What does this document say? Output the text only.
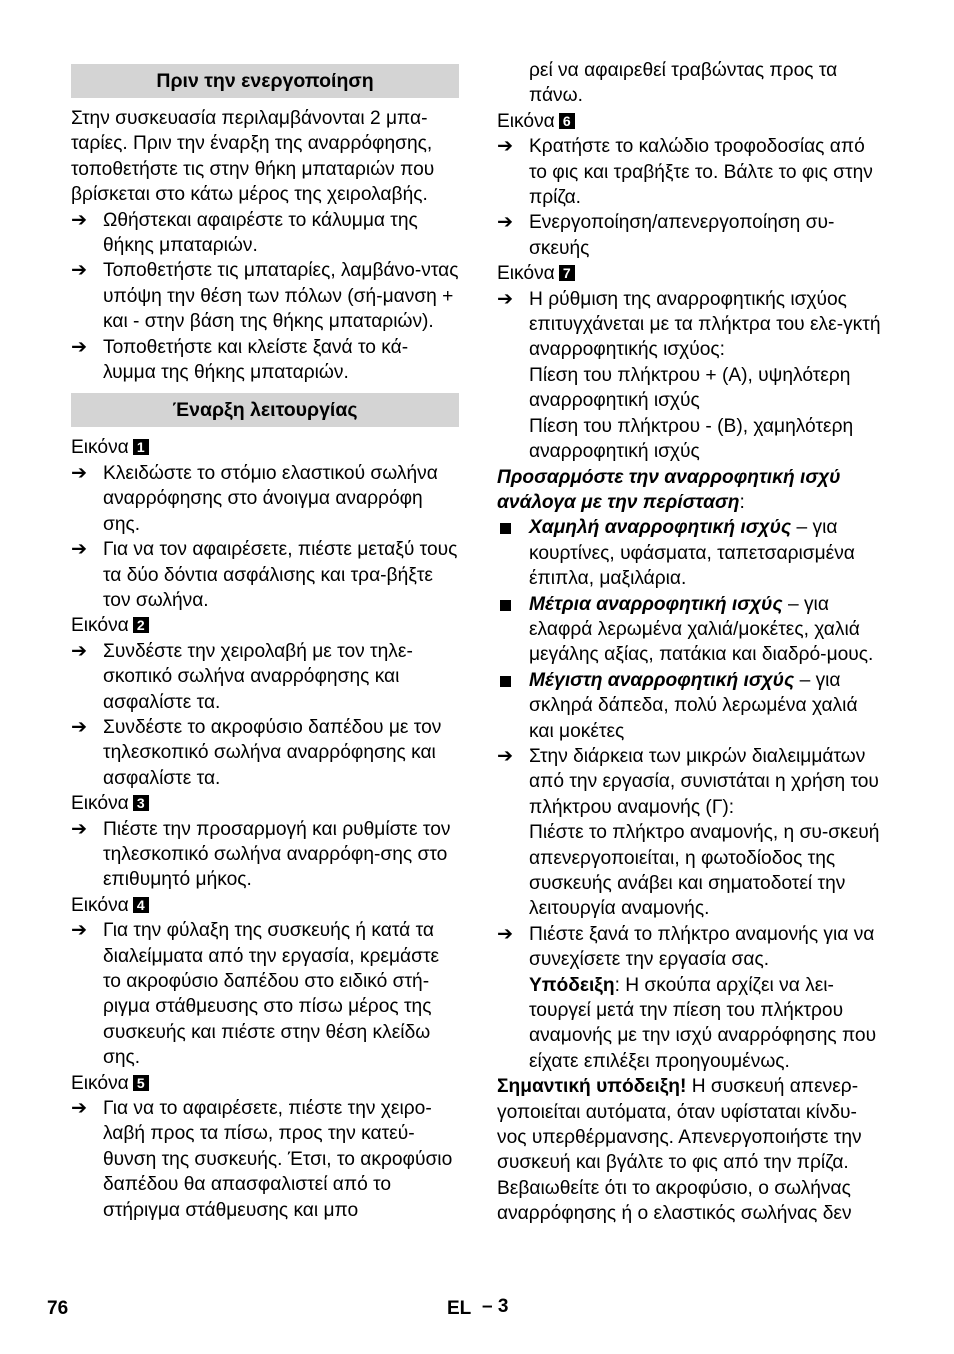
Πριν την ενεργοποίηση

Στην συσκευασία περιλαμβάνονται 2 μπα-ταρίες. Πριν την έναρξη της αναρρόφησης, τοποθετήστε τις στην θήκη μπαταριών που βρίσκεται στο κάτω μέρος της χειρολαβής.

➔ Ωθήστεκαι αφαιρέστε το κάλυμμα της θήκης μπαταριών.

➔ Τοποθετήστε τις μπαταρίες, λαμβάνο-ντας υπόψη την θέση των πόλων (σή-μανση + και - στην βάση της θήκης μπαταριών).

➔ Τοποθετήστε και κλείστε ξανά το κά-λυμμα της θήκης μπαταριών.

Έναρξη λειτουργίας

Εικόνα 1

➔ Κλειδώστε το στόμιο ελαστικού σωλήνα αναρρόφησης στο άνοιγμα αναρρόφη σης.

➔ Για να τον αφαιρέσετε, πιέστε μεταξύ τους τα δύο δόντια ασφάλισης και τρα-βήξτε τον σωλήνα.

Εικόνα 2

➔ Συνδέστε την χειρολαβή με τον τηλε-σκοπικό σωλήνα αναρρόφησης και ασφαλίστε τα.

➔ Συνδέστε το ακροφύσιο δαπέδου με τον τηλεσκοπικό σωλήνα αναρρόφησης και ασφαλίστε τα.

Εικόνα 3

➔ Πιέστε την προσαρμογή και ρυθμίστε τον τηλεσκοπικό σωλήνα αναρρόφη-σης στο επιθυμητό μήκος.

Εικόνα 4

➔ Για την φύλαξη της συσκευής ή κατά τα διαλείμματα από την εργασία, κρεμάστε το ακροφύσιο δαπέδου στο ειδικό στή-ριγμα στάθμευσης στο πίσω μέρος της συσκευής και πιέστε στην θέση κλείδω σης.

Εικόνα 5

➔ Για να το αφαιρέσετε, πιέστε την χειρο-λαβή προς τα πίσω, προς την κατεύ-θυνση της συσκευής. Έτσι, το ακροφύσιο δαπέδου θα απασφαλιστεί από το στήριγμα στάθμευσης και μπο

ρεί να αφαιρεθεί τραβώντας προς τα πάνω.

Εικόνα 6

➔ Κρατήστε το καλώδιο τροφοδοσίας από το φις και τραβήξτε το. Βάλτε το φις στην πρίζα.

➔ Ενεργοποίηση/απενεργοποίηση συ-σκευής

Εικόνα 7

➔ Η ρύθμιση της αναρροφητικής ισχύος επιτυγχάνεται με τα πλήκτρα του ελε-γκτή αναρροφητικής ισχύος:

Πίεση του πλήκτρου + (A), υψηλότερη αναρροφητική ισχύς

Πίεση του πλήκτρου - (B), χαμηλότερη αναρροφητική ισχύς

Προσαρμόστε την αναρροφητική ισχύ ανάλογα με την περίσταση:

Χαμηλή αναρροφητική ισχύς – για κουρτίνες, υφάσματα, ταπετσαρισμένα έπιπλα, μαξιλάρια.

Μέτρια αναρροφητική ισχύς – για ελαφρά λερωμένα χαλιά/μοκέτες, χαλιά μεγάλης αξίας, πατάκια και διαδρό-μους.

Μέγιστη αναρροφητική ισχύς – για σκληρά δάπεδα, πολύ λερωμένα χαλιά και μοκέτες

➔ Στην διάρκεια των μικρών διαλειμμάτων από την εργασία, συνιστάται η χρήση του πλήκτρου αναμονής (Γ):

Πιέστε το πλήκτρο αναμονής, η συ-σκευή απενεργοποιείται, η φωτοδίοδος της συσκευής ανάβει και σηματοδοτεί την λειτουργία αναμονής.

➔ Πιέστε ξανά το πλήκτρο αναμονής για να συνεχίσετε την εργασία σας.

Υπόδειξη: Η σκούπα αρχίζει να λει-τουργεί μετά την πίεση του πλήκτρου αναμονής με την ισχύ αναρρόφησης που είχατε επιλέξει προηγουμένως.

Σημαντική υπόδειξη! Η συσκευή απενερ-γοποιείται αυτόματα, όταν υφίσταται κίνδυ-νος υπερθέρμανσης. Απενεργοποιήστε την συσκευή και βγάλτε το φις από την πρίζα. Βεβαιωθείτε ότι το ακροφύσιο, ο σωλήνας αναρρόφησης ή ο ελαστικός σωλήνας δεν

76	EL – 3
